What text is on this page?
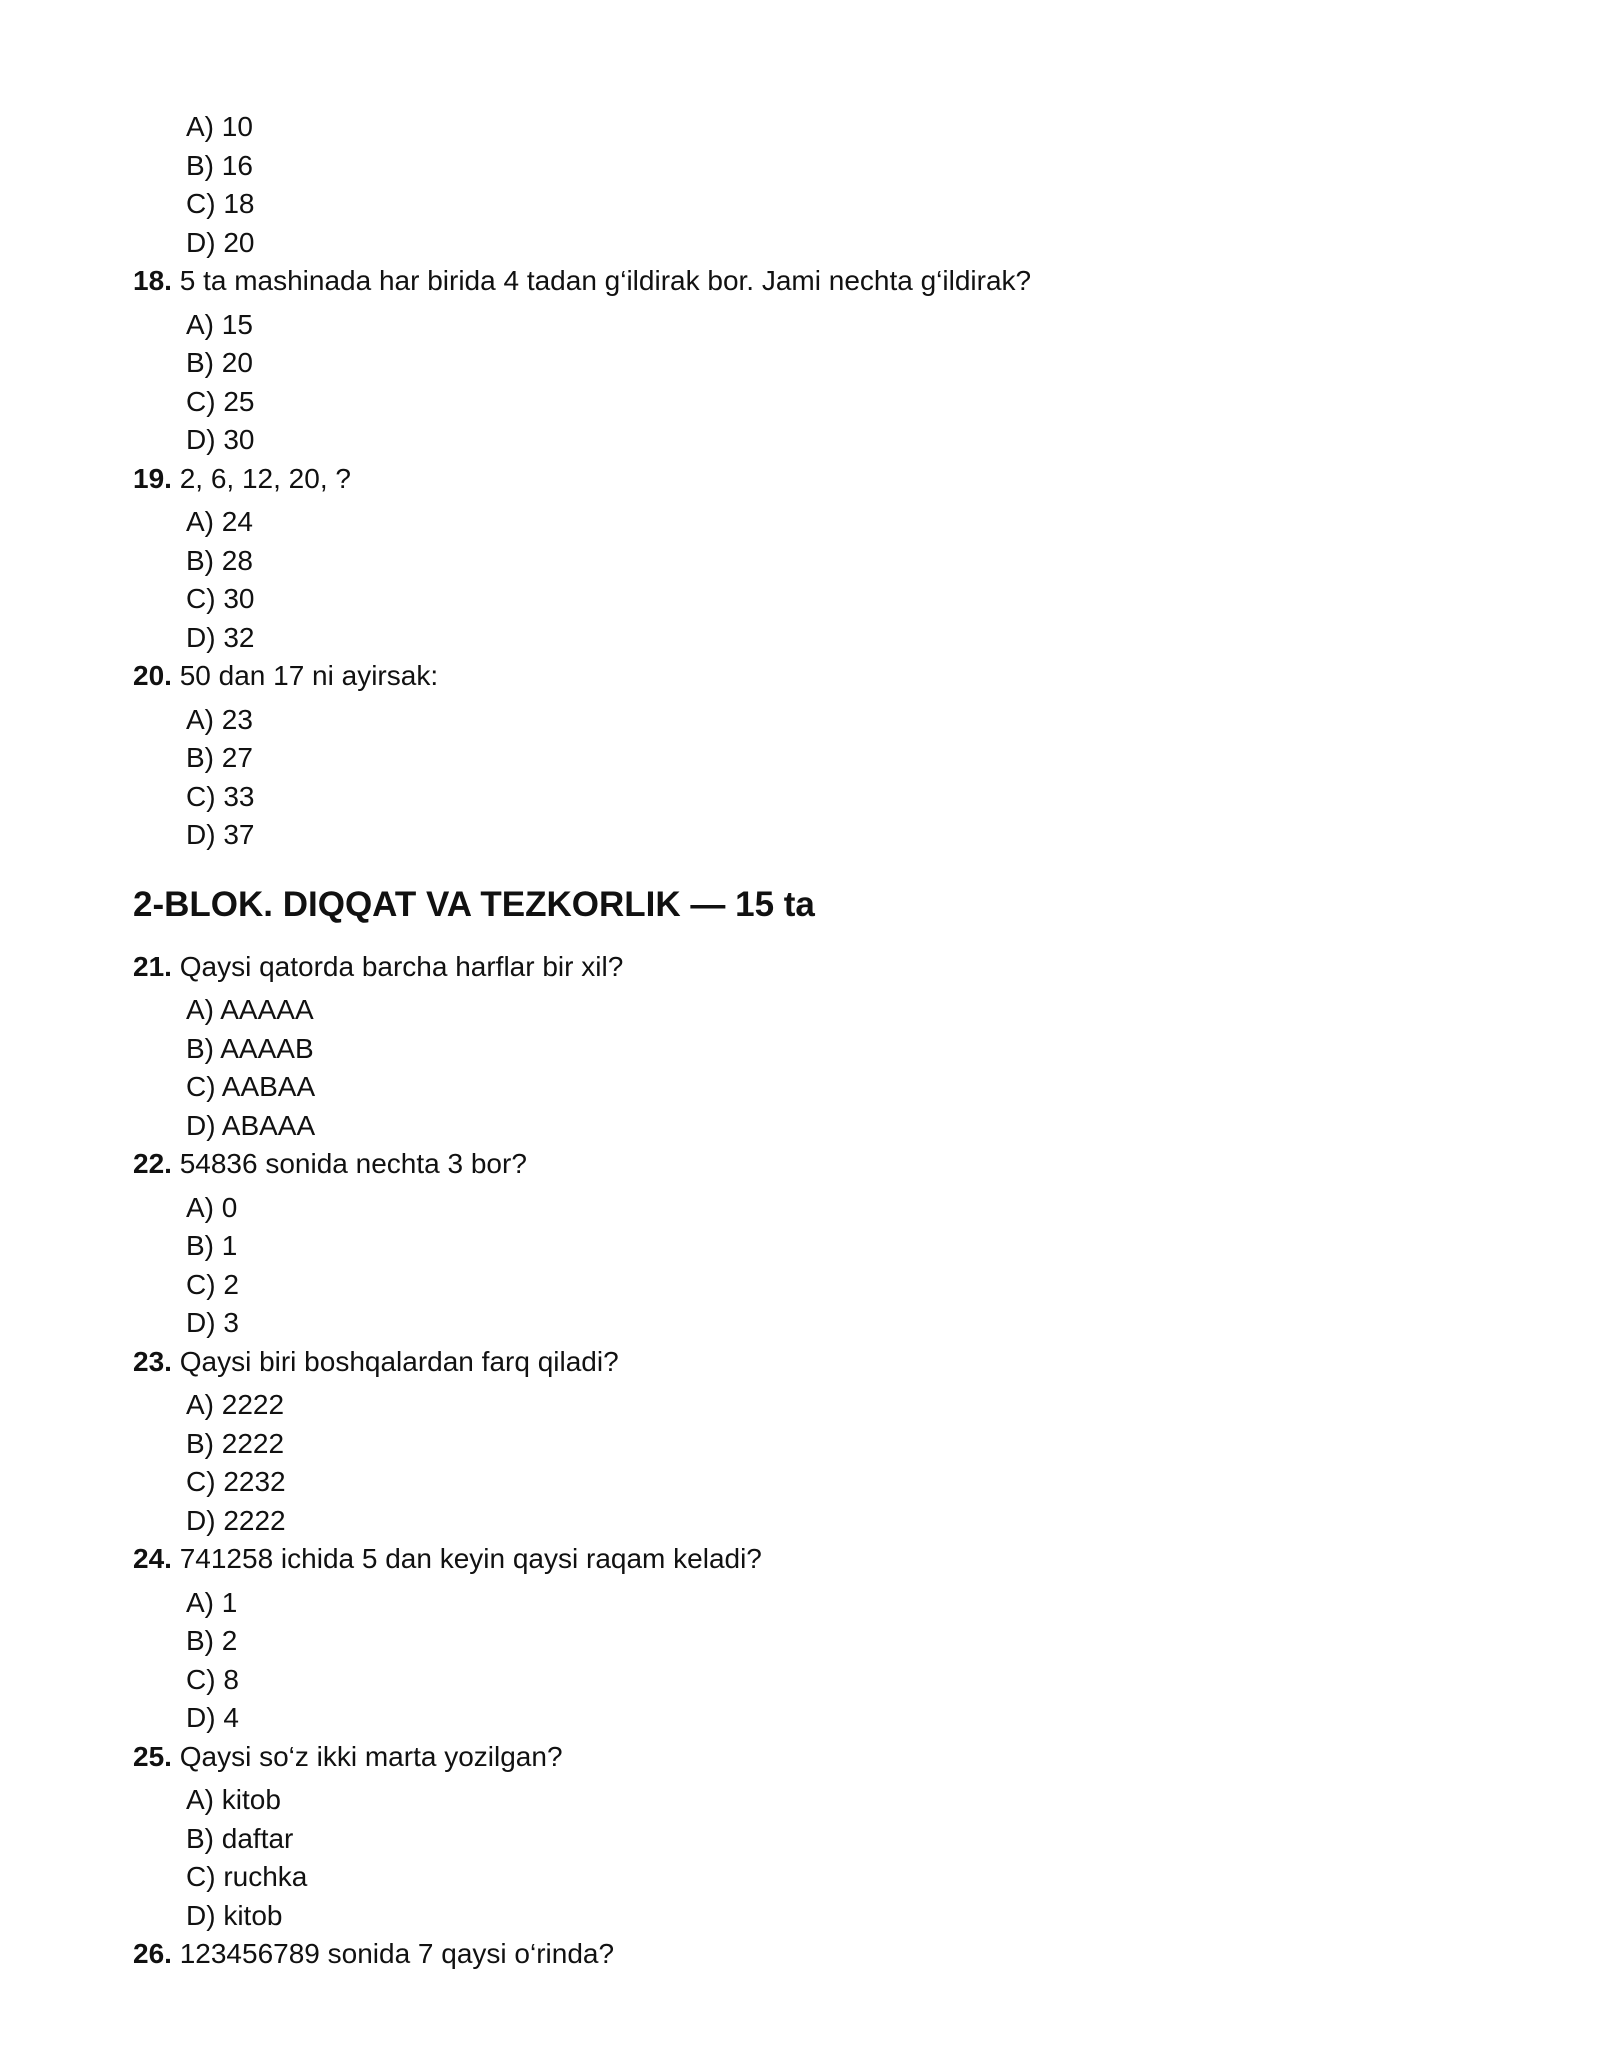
A) 10
B) 16
C) 18
D) 20
18. 5 ta mashinada har birida 4 tadan g‘ildirak bor. Jami nechta g‘ildirak?
A) 15
B) 20
C) 25
D) 30
19. 2, 6, 12, 20, ?
A) 24
B) 28
C) 30
D) 32
20. 50 dan 17 ni ayirsak:
A) 23
B) 27
C) 33
D) 37
2-BLOK. DIQQAT VA TEZKORLIK — 15 ta
21. Qaysi qatorda barcha harflar bir xil?
A) AAAAA
B) AAAAB
C) AABAA
D) ABAAA
22. 54836 sonida nechta 3 bor?
A) 0
B) 1
C) 2
D) 3
23. Qaysi biri boshqalardan farq qiladi?
A) 2222
B) 2222
C) 2232
D) 2222
24. 741258 ichida 5 dan keyin qaysi raqam keladi?
A) 1
B) 2
C) 8
D) 4
25. Qaysi so‘z ikki marta yozilgan?
A) kitob
B) daftar
C) ruchka
D) kitob
26. 123456789 sonida 7 qaysi o‘rinda?
